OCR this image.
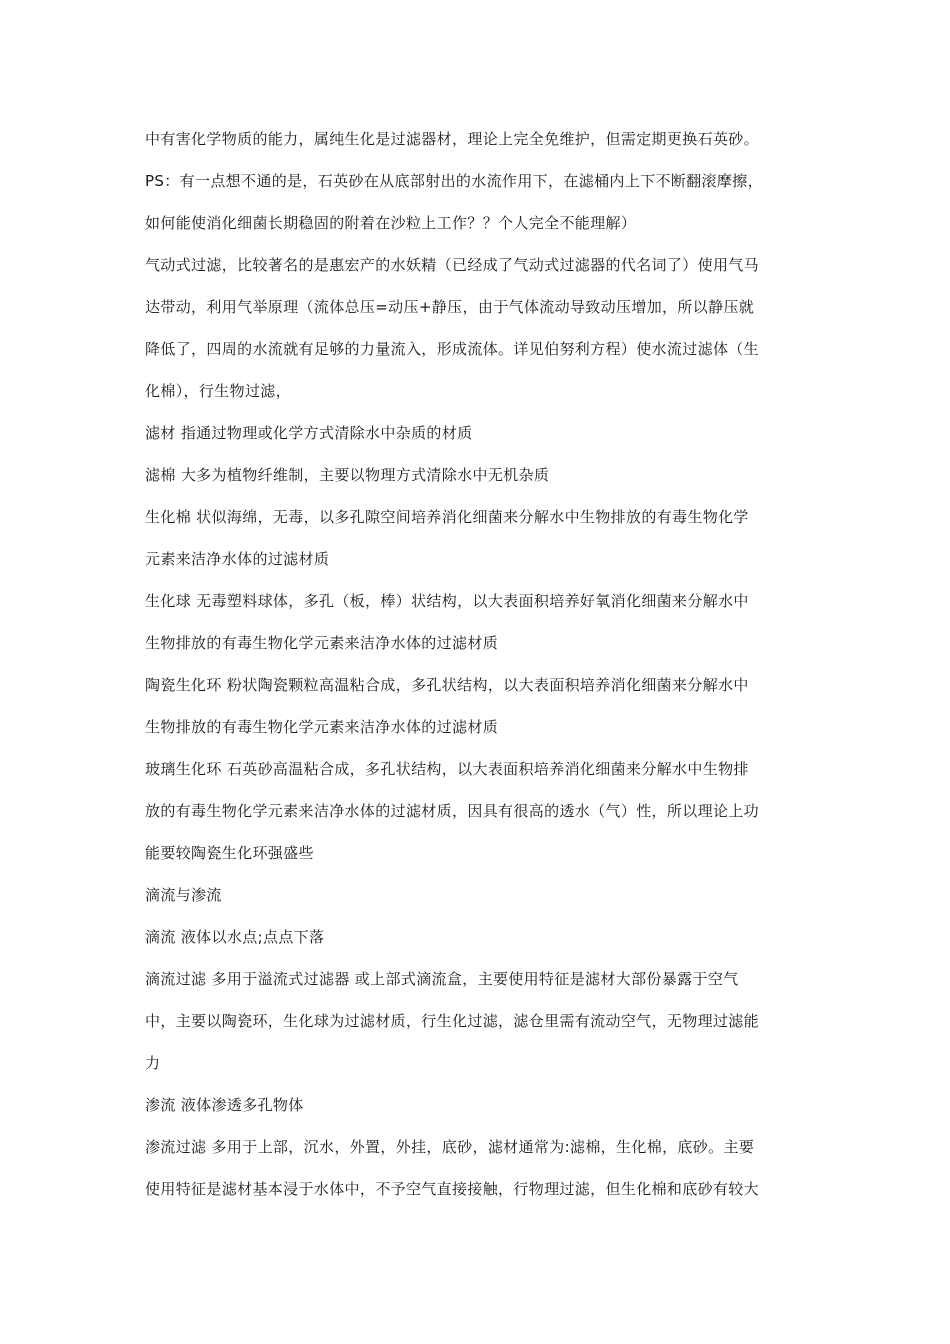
中有害化学物质的能力，属纯生化是过滤器材，理论上完全免维护，但需定期更换石英砂。
PS：有一点想不通的是，石英砂在从底部射出的水流作用下，在滤桶内上下不断翻滚摩擦，
如何能使消化细菌长期稳固的附着在沙粒上工作？？个人完全不能理解）
气动式过滤，比较著名的是惠宏产的水妖精（已经成了气动式过滤器的代名词了）使用气马
达带动，利用气举原理（流体总压=动压+静压，由于气体流动导致动压增加，所以静压就
降低了，四周的水流就有足够的力量流入，形成流体。详见伯努利方程）使水流过滤体（生
化棉），行生物过滤，
滤材 指通过物理或化学方式清除水中杂质的材质
滤棉 大多为植物纤维制，主要以物理方式清除水中无机杂质
生化棉 状似海绵，无毒，以多孔隙空间培养消化细菌来分解水中生物排放的有毒生物化学
元素来洁净水体的过滤材质
生化球 无毒塑料球体，多孔（板，棒）状结构，以大表面积培养好氧消化细菌来分解水中
生物排放的有毒生物化学元素来洁净水体的过滤材质
陶瓷生化环 粉状陶瓷颗粒高温粘合成，多孔状结构，以大表面积培养消化细菌来分解水中
生物排放的有毒生物化学元素来洁净水体的过滤材质
玻璃生化环 石英砂高温粘合成，多孔状结构，以大表面积培养消化细菌来分解水中生物排
放的有毒生物化学元素来洁净水体的过滤材质，因具有很高的透水（气）性，所以理论上功
能要较陶瓷生化环强盛些
滴流与渗流
滴流 液体以水点;点点下落
滴流过滤 多用于溢流式过滤器 或上部式滴流盒，主要使用特征是滤材大部份暴露于空气
中，主要以陶瓷环，生化球为过滤材质，行生化过滤，滤仓里需有流动空气，无物理过滤能
力
渗流 液体渗透多孔物体
渗流过滤 多用于上部，沉水，外置，外挂，底砂，滤材通常为:滤棉，生化棉，底砂。主要
使用特征是滤材基本浸于水体中，不予空气直接接触，行物理过滤，但生化棉和底砂有较大
